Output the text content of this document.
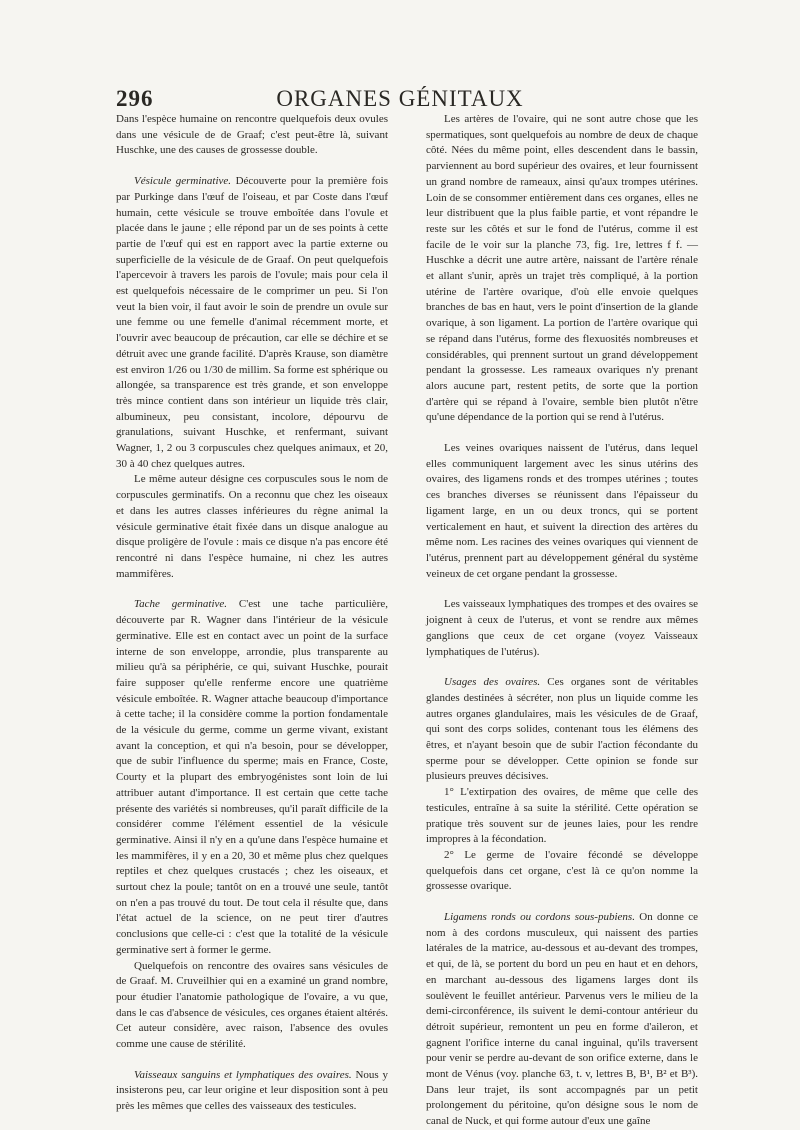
296	ORGANES GÉNITAUX

Dans l'espèce humaine on rencontre quelquefois deux ovules dans une vésicule de de Graaf; c'est peut-être là, suivant Huschke, une des causes de grossesse double.

Vésicule germinative. Découverte pour la première fois par Purkinge dans l'œuf de l'oiseau, et par Coste dans l'œuf humain, cette vésicule se trouve emboîtée dans l'ovule et placée dans le jaune ; elle répond par un de ses points à cette partie de l'œuf qui est en rapport avec la partie externe ou superficielle de la vésicule de de Graaf. On peut quelquefois l'apercevoir à travers les parois de l'ovule; mais pour cela il est quelquefois nécessaire de le comprimer un peu. Si l'on veut la bien voir, il faut avoir le soin de prendre un ovule sur une femme ou une femelle d'animal récemment morte, et l'ouvrir avec beaucoup de précaution, car elle se déchire et se détruit avec une grande facilité. D'après Krause, son diamètre est environ 1/26 ou 1/30 de millim. Sa forme est sphérique ou allongée, sa transparence est très grande, et son enveloppe très mince contient dans son intérieur un liquide très clair, albumineux, peu consistant, incolore, dépourvu de granulations, suivant Huschke, et renfermant, suivant Wagner, 1, 2 ou 3 corpuscules chez quelques animaux, et 20, 30 à 40 chez quelques autres.

Le même auteur désigne ces corpuscules sous le nom de corpuscules germinatifs. On a reconnu que chez les oiseaux et dans les autres classes inférieures du règne animal la vésicule germinative était fixée dans un disque analogue au disque proligère de l'ovule : mais ce disque n'a pas encore été rencontré ni dans l'espèce humaine, ni chez les autres mammifères.

Tache germinative. C'est une tache particulière, découverte par R. Wagner dans l'intérieur de la vésicule germinative. Elle est en contact avec un point de la surface interne de son enveloppe, arrondie, plus transparente au milieu qu'à sa périphérie, ce qui, suivant Huschke, pourait faire supposer qu'elle renferme encore une quatrième vésicule emboîtée. R. Wagner attache beaucoup d'importance à cette tache; il la considère comme la portion fondamentale de la vésicule du germe, comme un germe vivant, existant avant la conception, et qui n'a besoin, pour se développer, que de subir l'influence du sperme; mais en France, Coste, Courty et la plupart des embryogénistes sont loin de lui attribuer autant d'importance. Il est certain que cette tache présente des variétés si nombreuses, qu'il paraît difficile de la considérer comme l'élément essentiel de la vésicule germinative. Ainsi il n'y en a qu'une dans l'espèce humaine et les mammifères, il y en a 20, 30 et même plus chez quelques reptiles et chez quelques crustacés ; chez les oiseaux, et surtout chez la poule; tantôt on en a trouvé une seule, tantôt on n'en a pas trouvé du tout. De tout cela il résulte que, dans l'état actuel de la science, on ne peut tirer d'autres conclusions que celle-ci : c'est que la totalité de la vésicule germinative sert à former le germe.

Quelquefois on rencontre des ovaires sans vésicules de de Graaf. M. Cruveilhier qui en a examiné un grand nombre, pour étudier l'anatomie pathologique de l'ovaire, a vu que, dans le cas d'absence de vésicules, ces organes étaient altérés. Cet auteur considère, avec raison, l'absence des ovules comme une cause de stérilité.

Vaisseaux sanguins et lymphatiques des ovaires. Nous y insisterons peu, car leur origine et leur disposition sont à peu près les mêmes que celles des vaisseaux des testicules.

Les artères de l'ovaire, qui ne sont autre chose que les spermatiques, sont quelquefois au nombre de deux de chaque côté. Nées du même point, elles descendent dans le bassin, parviennent au bord supérieur des ovaires, et leur fournissent un grand nombre de rameaux, ainsi qu'aux trompes utérines. Loin de se consommer entièrement dans ces organes, elles ne leur distribuent que la plus faible partie, et vont répandre le reste sur les côtés et sur le fond de l'utérus, comme il est facile de le voir sur la planche 73, fig. 1re, lettres f f. — Huschke a décrit une autre artère, naissant de l'artère rénale et allant s'unir, après un trajet très compliqué, à la portion utérine de l'artère ovarique, d'où elle envoie quelques branches de bas en haut, vers le point d'insertion de la glande ovarique, à son ligament. La portion de l'artère ovarique qui se répand dans l'utérus, forme des flexuosités nombreuses et considérables, qui prennent surtout un grand développement pendant la grossesse. Les rameaux ovariques n'y prenant alors aucune part, restent petits, de sorte que la portion d'artère qui se répand à l'ovaire, semble bien plutôt n'être qu'une dépendance de la portion qui se rend à l'utérus.

Les veines ovariques naissent de l'utérus, dans lequel elles communiquent largement avec les sinus utérins des ovaires, des ligamens ronds et des trompes utérines ; toutes ces branches diverses se réunissent dans l'épaisseur du ligament large, en un ou deux troncs, qui se portent verticalement en haut, et suivent la direction des artères du même nom. Les racines des veines ovariques qui viennent de l'utérus, prennent part au développement général du système veineux de cet organe pendant la grossesse.

Les vaisseaux lymphatiques des trompes et des ovaires se joignent à ceux de l'uterus, et vont se rendre aux mêmes ganglions que ceux de cet organe (voyez Vaisseaux lymphatiques de l'utérus).

Usages des ovaires. Ces organes sont de véritables glandes destinées à sécréter, non plus un liquide comme les autres organes glandulaires, mais les vésicules de de Graaf, qui sont des corps solides, contenant tous les élémens des êtres, et n'ayant besoin que de subir l'action fécondante du sperme pour se développer. Cette opinion se fonde sur plusieurs preuves décisives.

1° L'extirpation des ovaires, de même que celle des testicules, entraîne à sa suite la stérilité. Cette opération se pratique très souvent sur de jeunes laies, pour les rendre impropres à la fécondation.

2° Le germe de l'ovaire fécondé se développe quelquefois dans cet organe, c'est là ce qu'on nomme la grossesse ovarique.

Ligamens ronds ou cordons sous-pubiens. On donne ce nom à des cordons musculeux, qui naissent des parties latérales de la matrice, au-dessous et au-devant des trompes, et qui, de là, se portent du bord un peu en haut et en dehors, en marchant au-dessous des ligamens larges dont ils soulèvent le feuillet antérieur. Parvenus vers le milieu de la demi-circonférence, ils suivent le demi-contour antérieur du détroit supérieur, remontent un peu en forme d'aileron, et gagnent l'orifice interne du canal inguinal, qu'ils traversent pour venir se perdre au-devant de son orifice externe, dans le mont de Vénus (voy. planche 63, t. v, lettres B, B¹, B² et B³). Dans leur trajet, ils sont accompagnés par un petit prolongement du péritoine, qu'on désigne sous le nom de canal de Nuck, et qui forme autour d'eux une gaîne
